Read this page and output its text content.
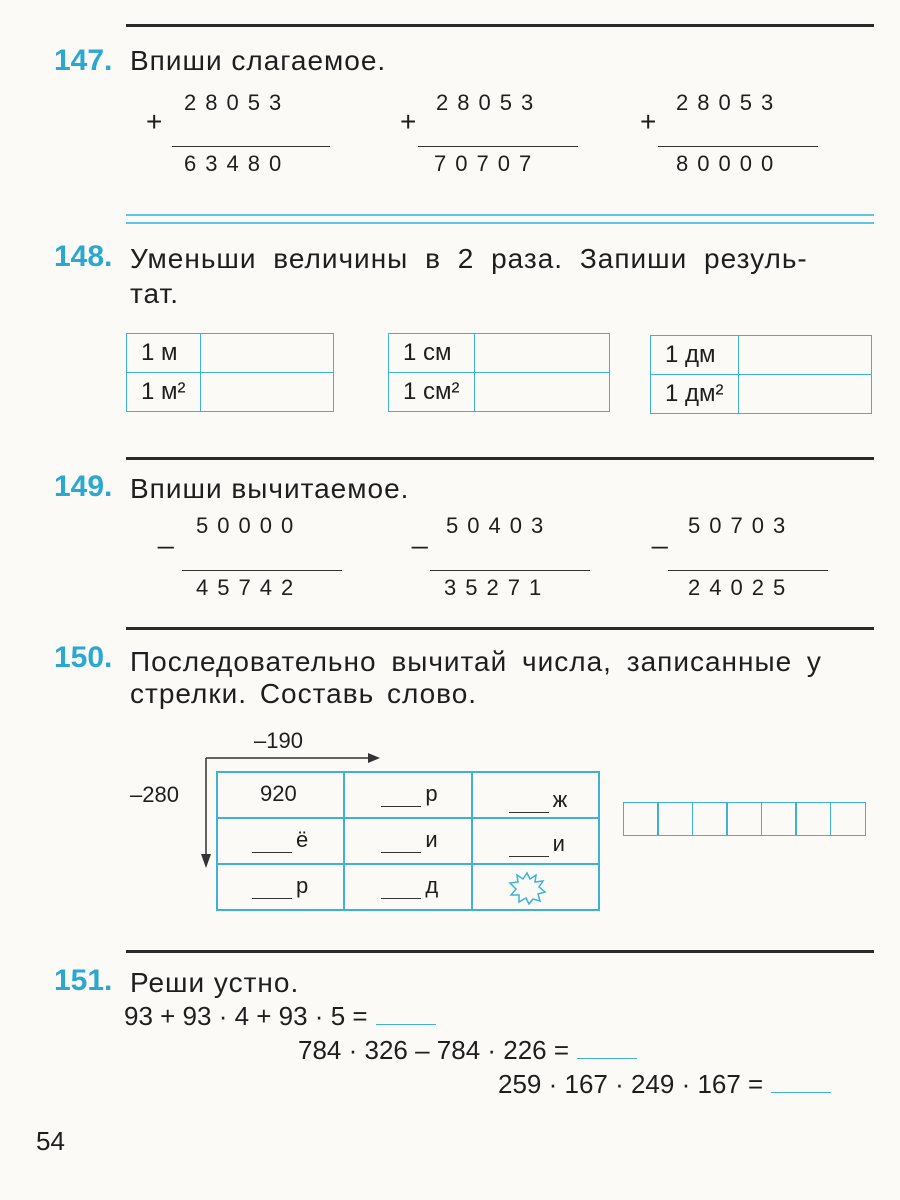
147. Впиши слагаемое.
+
28053
63480
+
28053
70707
+
28053
80000
148. Уменьши величины в 2 раза. Запиши резуль-
тат.
1 м	
1 м²	
1 см	
1 см²	
1 дм	
1 дм²	
149. Впиши вычитаемое.
_ 50000
45742
_ 50403
35271
_ 50703
24025
150. Последовательно вычитай числа, записанные у
стрелки. Составь слово.
–190
–280	920	р	ж
ё	и	и
р	д
151. Реши устно.
93 + 93 · 4 + 93 · 5 =
784 · 326 – 784 · 226 =
259 · 167 · 249 · 167 =
54
